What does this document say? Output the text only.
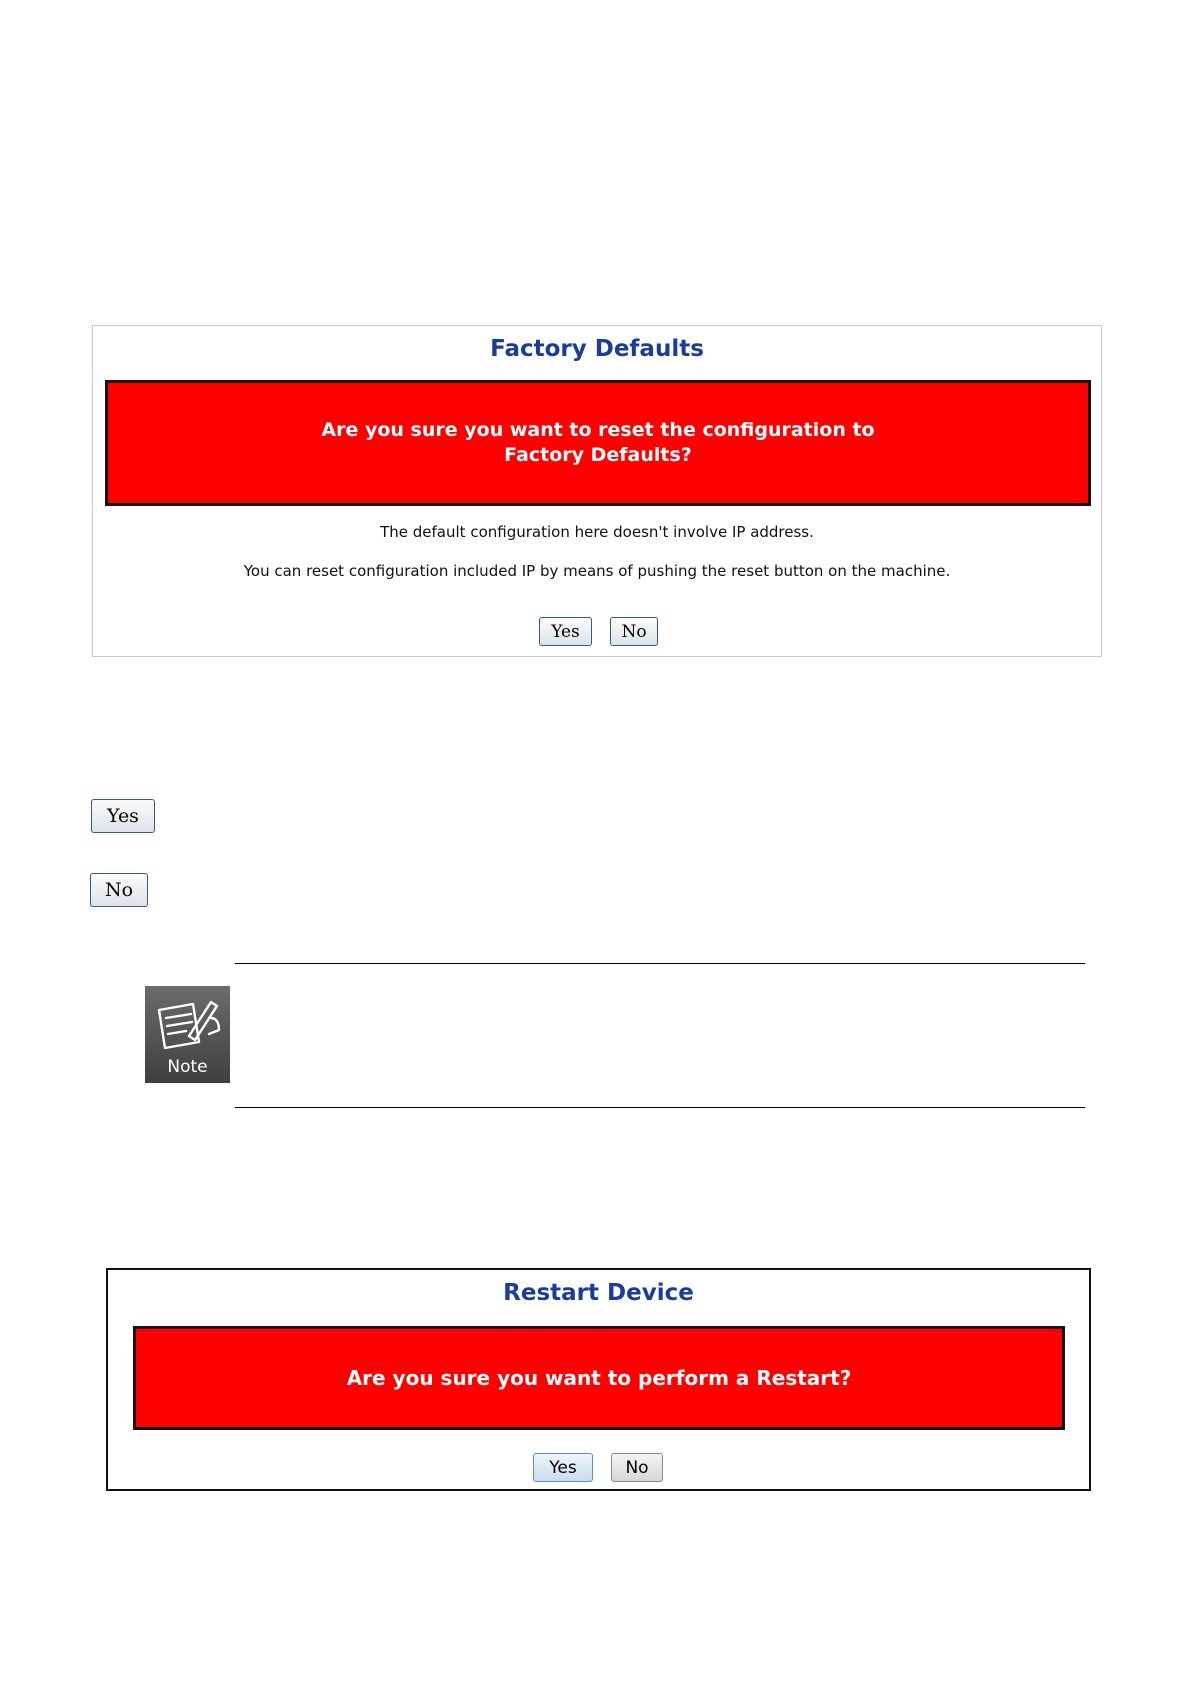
Factory Defaults
Are you sure you want to reset the configuration to
Factory Defaults?
The default configuration here doesn't involve IP address.
You can reset configuration included IP by means of pushing the reset button on the machine.
Yes	No
Yes
No
Note
Restart Device
Are you sure you want to perform a Restart?
Yes	No
